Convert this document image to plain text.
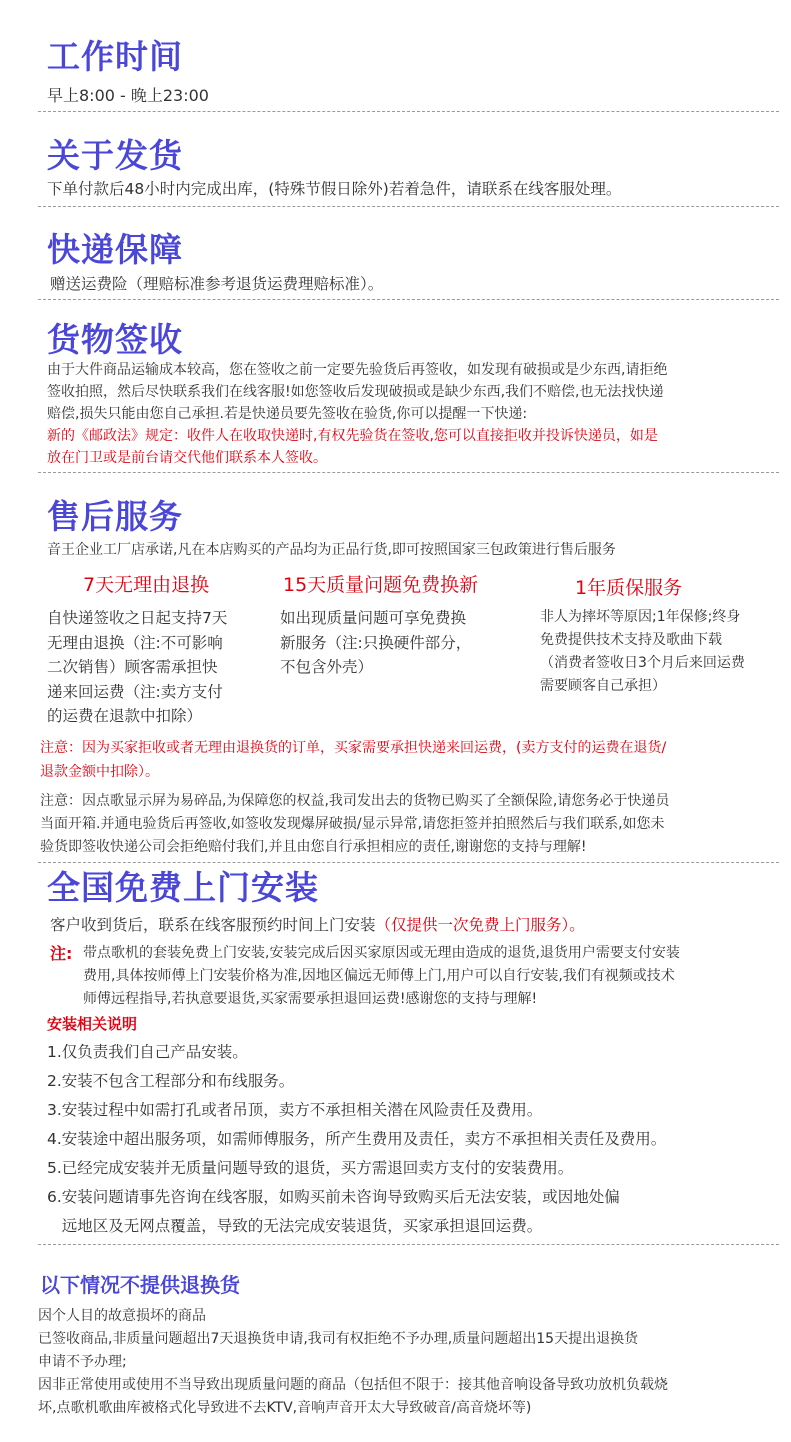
工作时间
早上8:00 - 晚上23:00
关于发货
下单付款后48小时内完成出库，(特殊节假日除外)若着急件，请联系在线客服处理。
快递保障
赠送运费险（理赔标准参考退货运费理赔标准）。
货物签收
由于大件商品运输成本较高，您在签收之前一定要先验货后再签收，如发现有破损或是少东西,请拒绝
签收拍照，然后尽快联系我们在线客服!如您签收后发现破损或是缺少东西,我们不赔偿,也无法找快递
赔偿,损失只能由您自己承担.若是快递员要先签收在验货,你可以提醒一下快递:
新的《邮政法》规定：收件人在收取快递时,有权先验货在签收,您可以直接拒收并投诉快递员，如是
放在门卫或是前台请交代他们联系本人签收。
售后服务
音王企业工厂店承诺,凡在本店购买的产品均为正品行货,即可按照国家三包政策进行售后服务
7天无理由退换
自快递签收之日起支持7天
无理由退换（注:不可影响
二次销售）顾客需承担快
递来回运费（注:卖方支付
的运费在退款中扣除）
15天质量问题免费换新
如出现质量问题可享免费换
新服务（注:只换硬件部分，
不包含外壳）
1年质保服务
非人为摔坏等原因;1年保修;终身
免费提供技术支持及歌曲下载
（消费者签收日3个月后来回运费
需要顾客自己承担）
注意：因为买家拒收或者无理由退换货的订单，买家需要承担快递来回运费，(卖方支付的运费在退货/
退款金额中扣除）。
注意：因点歌显示屏为易碎品,为保障您的权益,我司发出去的货物已购买了全额保险,请您务必于快递员
当面开箱.并通电验货后再签收,如签收发现爆屏破损/显示异常,请您拒签并拍照然后与我们联系,如您未
验货即签收快递公司会拒绝赔付我们,并且由您自行承担相应的责任,谢谢您的支持与理解!
全国免费上门安装
客户收到货后，联系在线客服预约时间上门安装（仅提供一次免费上门服务）。
注: 带点歌机的套装免费上门安装,安装完成后因买家原因或无理由造成的退货,退货用户需要支付安装
费用,具体按师傅上门安装价格为准,因地区偏远无师傅上门,用户可以自行安装,我们有视频或技术
师傅远程指导,若执意要退货,买家需要承担退回运费!感谢您的支持与理解!
安装相关说明
1.仅负责我们自己产品安装。
2.安装不包含工程部分和布线服务。
3.安装过程中如需打孔或者吊顶，卖方不承担相关潜在风险责任及费用。
4.安装途中超出服务项，如需师傅服务，所产生费用及责任，卖方不承担相关责任及费用。
5.已经完成安装并无质量问题导致的退货，买方需退回卖方支付的安装费用。
6.安装问题请事先咨询在线客服，如购买前未咨询导致购买后无法安装，或因地处偏
远地区及无网点覆盖，导致的无法完成安装退货，买家承担退回运费。
以下情况不提供退换货
因个人目的故意损坏的商品
已签收商品,非质量问题超出7天退换货申请,我司有权拒绝不予办理,质量问题超出15天提出退换货
申请不予办理;
因非正常使用或使用不当导致出现质量问题的商品（包括但不限于：接其他音响设备导致功放机负载烧
坏,点歌机歌曲库被格式化导致进不去KTV,音响声音开太大导致破音/高音烧坏等)
